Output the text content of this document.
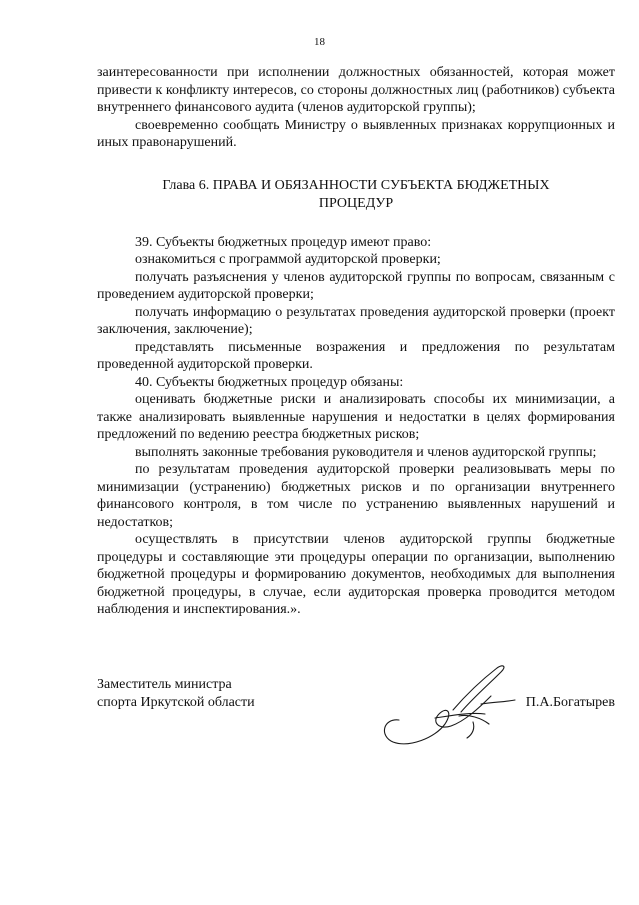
18

заинтересованности при исполнении должностных обязанностей, которая может привести к конфликту интересов, со стороны должностных лиц (работников) субъекта внутреннего финансового аудита (членов аудиторской группы);

своевременно сообщать Министру о выявленных признаках коррупционных и иных правонарушений.

Глава 6. ПРАВА И ОБЯЗАННОСТИ СУБЪЕКТА БЮДЖЕТНЫХ ПРОЦЕДУР

39. Субъекты бюджетных процедур имеют право:

ознакомиться с программой аудиторской проверки;

получать разъяснения у членов аудиторской группы по вопросам, связанным с проведением аудиторской проверки;

получать информацию о результатах проведения аудиторской проверки (проект заключения, заключение);

представлять письменные возражения и предложения по результатам проведенной аудиторской проверки.

40. Субъекты бюджетных процедур обязаны:

оценивать бюджетные риски и анализировать способы их минимизации, а также анализировать выявленные нарушения и недостатки в целях формирования предложений по ведению реестра бюджетных рисков;

выполнять законные требования руководителя и членов аудиторской группы;

по результатам проведения аудиторской проверки реализовывать меры по минимизации (устранению) бюджетных рисков и по организации внутреннего финансового контроля, в том числе по устранению выявленных нарушений и недостатков;

осуществлять в присутствии членов аудиторской группы бюджетные процедуры и составляющие эти процедуры операции по организации, выполнению бюджетной процедуры и формированию документов, необходимых для выполнения бюджетной процедуры, в случае, если аудиторская проверка проводится методом наблюдения и инспектирования.».

Заместитель министра
спорта Иркутской области	П.А.Богатырев
